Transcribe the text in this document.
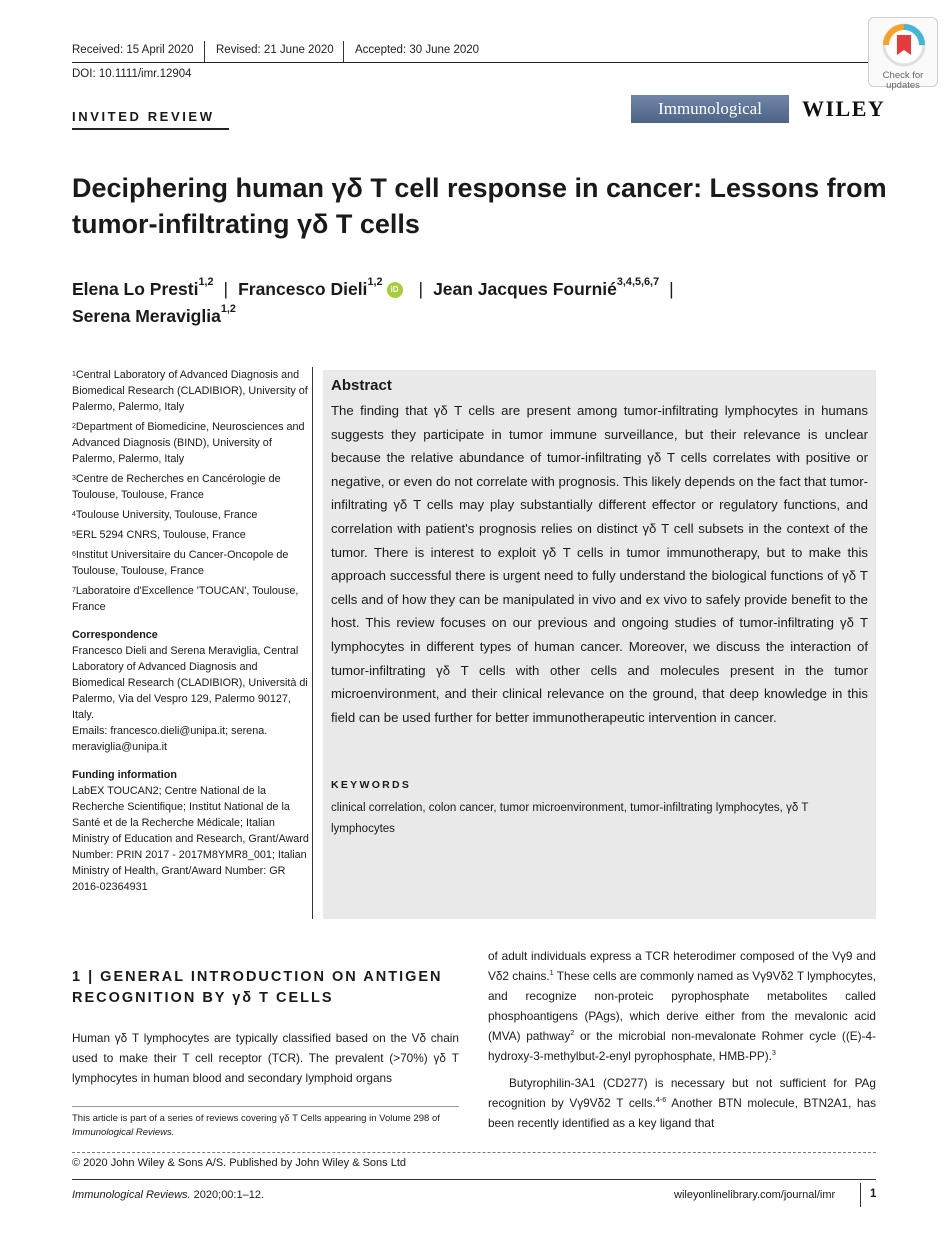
Received: 15 April 2020 Revised: 21 June 2020 Accepted: 30 June 2020
DOI: 10.1111/imr.12904	Check for updates
INVITED REVIEW	Immunological Reviews
WILEY
Deciphering human γδ T cell response in cancer: Lessons from tumor-infiltrating γδ T cells
Elena Lo Presti$^{1,2}$ | Francesco Dieli$^{1,2}$iD | Jean Jacques Fournié$^{3,4,5,6,7}$ |
Serena Meraviglia$^{1,2}$
$^1$Central Laboratory of Advanced Diagnosis and Biomedical Research (CLADIBIOR), University of Palermo, Palermo, Italy
$^2$Department of Biomedicine, Neurosciences and Advanced Diagnosis (BIND), University of Palermo, Palermo, Italy
$^3$Centre de Recherches en Cancérologie de Toulouse, Toulouse, France
$^4$Toulouse University, Toulouse, France
$^5$ERL 5294 CNRS, Toulouse, France
$^6$Institut Universitaire du Cancer-Oncopole de Toulouse, Toulouse, France
$^7$Laboratoire d'Excellence 'TOUCAN', Toulouse, France
Correspondence
Francesco Dieli and Serena Meraviglia, Central Laboratory of Advanced Diagnosis and Biomedical Research (CLADIBIOR), Università di Palermo, Via del Vespro 129, Palermo 90127, Italy.
Emails: francesco.dieli@unipa.it; serena. meraviglia@unipa.it
Funding information
LabEX TOUCAN2; Centre National de la Recherche Scientifique; Institut National de la Santé et de la Recherche Médicale; Italian Ministry of Education and Research, Grant/Award Number: PRIN 2017 - 2017M8YMR8_001; Italian Ministry of Health, Grant/Award Number: GR 2016-02364931
Abstract
The finding that γδ T cells are present among tumor-infiltrating lymphocytes in humans suggests they participate in tumor immune surveillance, but their relevance is unclear because the relative abundance of tumor-infiltrating γδ T cells correlates with positive or negative, or even do not correlate with prognosis. This likely depends on the fact that tumor-infiltrating γδ T cells may play substantially different effector or regulatory functions, and correlation with patient's prognosis relies on distinct γδ T cell subsets in the context of the tumor. There is interest to exploit γδ T cells in tumor immunotherapy, but to make this approach successful there is urgent need to fully understand the biological functions of γδ T cells and of how they can be manipulated in vivo and ex vivo to safely provide benefit to the host. This review focuses on our previous and ongoing studies of tumor-infiltrating γδ T lymphocytes in different types of human cancer. Moreover, we discuss the interaction of tumor-infiltrating γδ T cells with other cells and molecules present in the tumor microenvironment, and their clinical relevance on the ground, that deep knowledge in this field can be used further for better immunotherapeutic intervention in cancer.
KEYWORDS
clinical correlation, colon cancer, tumor microenvironment, tumor-infiltrating lymphocytes, γδ T lymphocytes
1 | GENERAL INTRODUCTION ON ANTIGEN RECOGNITION BY γδ T CELLS
Human γδ T lymphocytes are typically classified based on the Vδ chain used to make their T cell receptor (TCR). The prevalent (>70%) γδ T lymphocytes in human blood and secondary lymphoid organs
of adult individuals express a TCR heterodimer composed of the Vγ9 and Vδ2 chains.$^1$ These cells are commonly named as Vγ9Vδ2 T lymphocytes, and recognize non-proteic pyrophosphate metabolites called phosphoantigens (PAgs), which derive either from the mevalonic acid (MVA) pathway$^2$ or the microbial non-mevalonate Rohmer cycle ((E)-4-hydroxy-3-methylbut-2-enyl pyrophosphate, HMB-PP).$^3$
Butyrophilin-3A1 (CD277) is necessary but not sufficient for PAg recognition by Vγ9Vδ2 T cells.$^{4-6}$ Another BTN molecule, BTN2A1, has been recently identified as a key ligand that
This article is part of a series of reviews covering γδ T Cells appearing in Volume 298 of Immunological Reviews.
© 2020 John Wiley & Sons A/S. Published by John Wiley & Sons Ltd
Immunological Reviews. 2020;00:1–12.	wileyonlinelibrary.com/journal/imr	1
